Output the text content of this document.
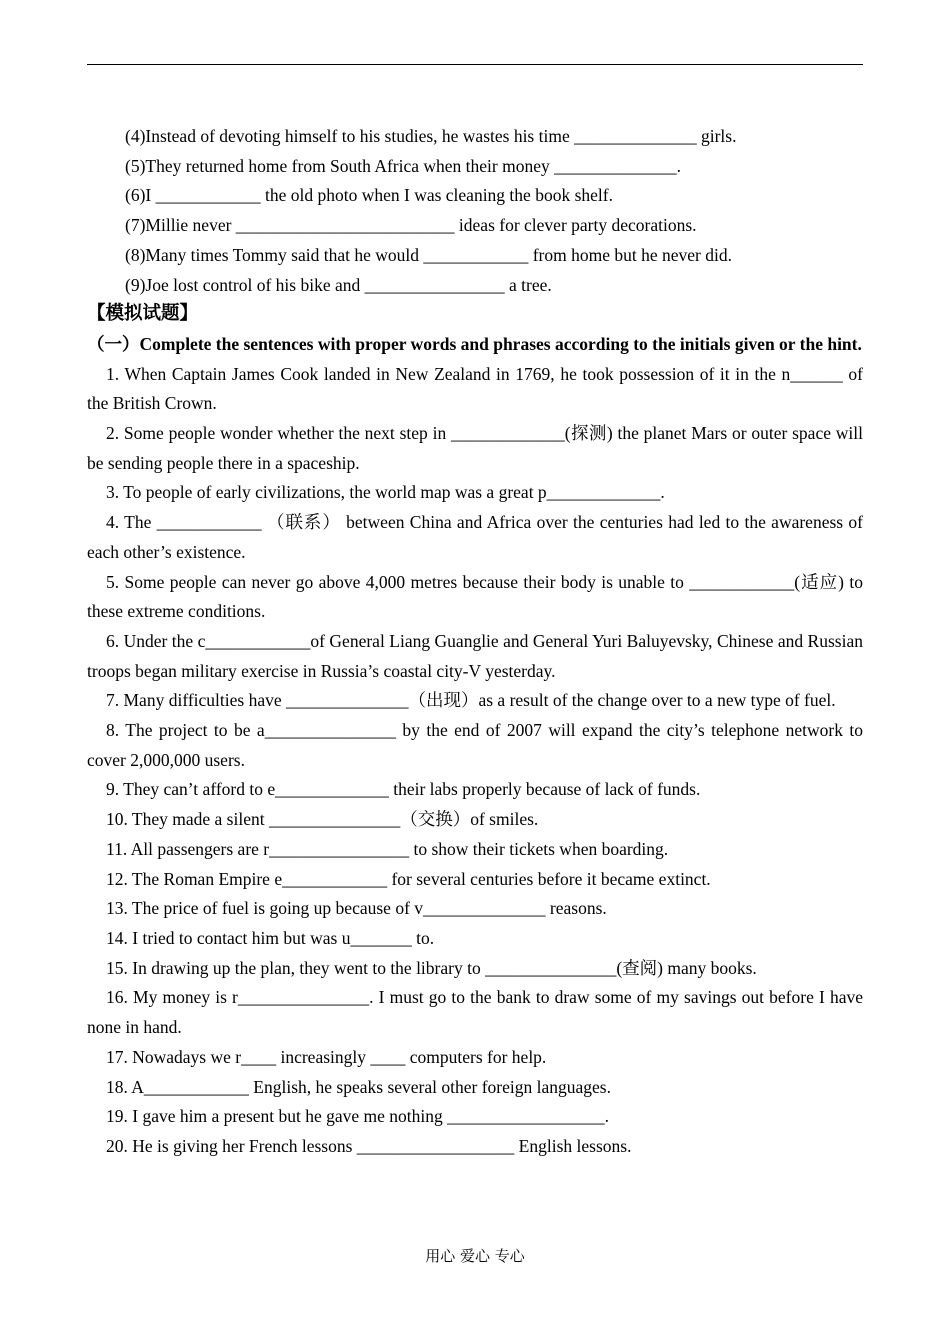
(4)Instead of devoting himself to his studies, he wastes his time ______________ girls.
(5)They returned home from South Africa when their money ______________.
(6)I ____________ the old photo when I was cleaning the book shelf.
(7)Millie never _________________________ ideas for clever party decorations.
(8)Many times Tommy said that he would ____________ from home but he never did.
(9)Joe lost control of his bike and ________________ a tree.
【模拟试题】
（一）Complete the sentences with proper words and phrases according to the initials given or the hint.
1. When Captain James Cook landed in New Zealand in 1769, he took possession of it in the n______ of the British Crown.
2. Some people wonder whether the next step in _____________(探测) the planet Mars or outer space will be sending people there in a spaceship.
3. To people of early civilizations, the world map was a great p_____________.
4. The ____________ （联系） between China and Africa over the centuries had led to the awareness of each other’s existence.
5. Some people can never go above 4,000 metres because their body is unable to ____________(适应) to these extreme conditions.
6. Under the c____________of General Liang Guanglie and General Yuri Baluyevsky, Chinese and Russian troops began military exercise in Russia’s coastal city-V yesterday.
7. Many difficulties have ______________（出现）as a result of the change over to a new type of fuel.
8. The project to be a_______________ by the end of 2007 will expand the city’s telephone network to cover 2,000,000 users.
9. They can’t afford to e_____________ their labs properly because of lack of funds.
10. They made a silent _______________（交换）of smiles.
11. All passengers are r________________ to show their tickets when boarding.
12. The Roman Empire e____________ for several centuries before it became extinct.
13. The price of fuel is going up because of v______________ reasons.
14. I tried to contact him but was u_______ to.
15. In drawing up the plan, they went to the library to _______________(查阅) many books.
16. My money is r_______________. I must go to the bank to draw some of my savings out before I have none in hand.
17. Nowadays we r____ increasingly ____ computers for help.
18. A____________ English, he speaks several other foreign languages.
19. I gave him a present but he gave me nothing __________________.
20. He is giving her French lessons __________________ English lessons.
用心 爱心 专心
